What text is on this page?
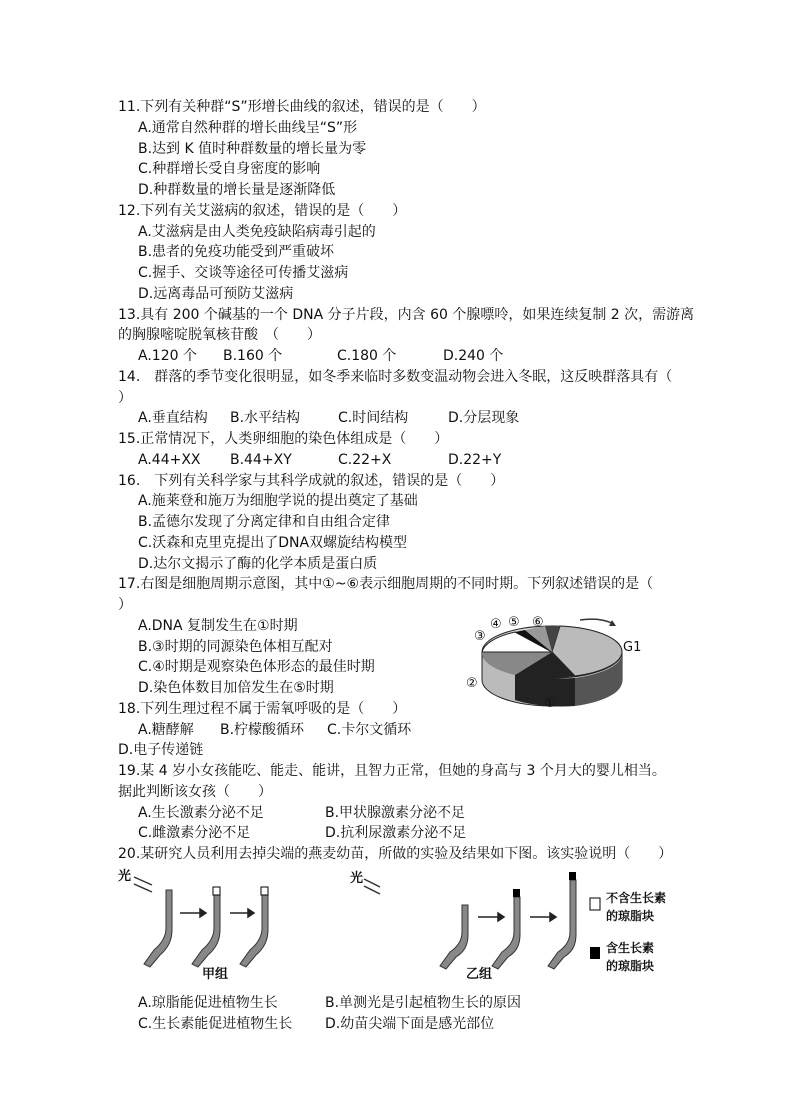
11.下列有关种群“S”形增长曲线的叙述，错误的是（　　）
A.通常自然种群的增长曲线呈“S”形
B.达到 K 值时种群数量的增长量为零
C.种群增长受自身密度的影响
D.种群数量的增长量是逐渐降低
12.下列有关艾滋病的叙述，错误的是（　　）
A.艾滋病是由人类免疫缺陷病毒引起的
B.患者的免疫功能受到严重破坏
C.握手、交谈等途径可传播艾滋病
D.远离毒品可预防艾滋病
13.具有 200 个碱基的一个 DNA 分子片段，内含 60 个腺嘌呤，如果连续复制 2 次，需游离
的胸腺嘧啶脱氧核苷酸　（　　）
A.120 个 B.160 个	C.180 个	D.240 个
14.　群落的季节变化很明显，如冬季来临时多数变温动物会进入冬眠，这反映群落具有（
）
A.垂直结构 B.水平结构	C.时间结构	D.分层现象
15.正常情况下，人类卵细胞的染色体组成是（　　）
A.44+XX B.44+XY	C.22+X	D.22+Y
16.　下列有关科学家与其科学成就的叙述，错误的是（　　）
A.施莱登和施万为细胞学说的提出奠定了基础
B.孟德尔发现了分离定律和自由组合定律
C.沃森和克里克提出了DNA双螺旋结构模型
D.达尔文揭示了酶的化学本质是蛋白质
17.右图是细胞周期示意图，其中①~⑥表示细胞周期的不同时期。下列叙述错误的是（
）
A.DNA 复制发生在①时期
B.③时期的同源染色体相互配对
C.④时期是观察染色体形态的最佳时期
D.染色体数目加倍发生在⑤时期
18.下列生理过程不属于需氧呼吸的是（　　）
A.糖酵解 B.柠檬酸循环 C.卡尔文循环
D.电子传递链
19.某 4 岁小女孩能吃、能走、能讲，且智力正常，但她的身高与 3 个月大的婴儿相当。
据此判断该女孩（　　）
A.生长激素分泌不足	B.甲状腺激素分泌不足
C.雌激素分泌不足	D.抗利尿激素分泌不足
20.某研究人员利用去掉尖端的燕麦幼苗，所做的实验及结果如下图。该实验说明（　　）
光	光
甲组	乙组
不含生长素
的琼脂块
含生长素
的琼脂块
A.琼脂能促进植物生长	B.单测光是引起植物生长的原因
C.生长素能促进植物生长 D.幼苗尖端下面是感光部位
③
④ ⑤ ⑥
G1
②
①
